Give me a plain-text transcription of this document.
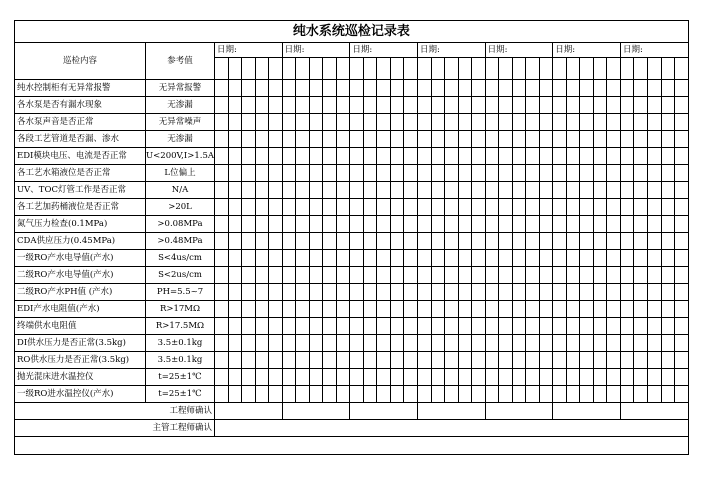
纯水系统巡检记录表																																				
巡检内容	参考值	日期:					日期:					日期:					日期:					日期:					日期:					日期:				

纯水控制柜有无异常报警	无异常报警																																			
各水泵是否有漏水现象	无渗漏																																			
各水泵声音是否正常	无异常噪声																																			
各段工艺管道是否漏、渗水	无渗漏																																			
EDI模块电压、电流是否正常	U<200V,I>1.5A																																			
各工艺水箱液位是否正常	L位偏上																																			
UV、TOC灯管工作是否正常	N/A																																			
各工艺加药桶液位是否正常	>20L																																			
氮气压力检查(0.1MPa)	>0.08MPa																																			
CDA供应压力(0.45MPa)	>0.48MPa																																			
一级RO产水电导值(产水)	S<4us/cm																																			
二级RO产水电导值(产水)	S<2us/cm																																			
二级RO产水PH值 (产水)	PH=5.5~7																																			
EDI产水电阻值(产水)	R>17MΩ																																			
终端供水电阻值	R>17.5MΩ																																			
DI供水压力是否正常(3.5kg)	3.5±0.1kg																																			
RO供水压力是否正常(3.5kg)	3.5±0.1kg																																			
抛光混床进水温控仪	t=25±1℃																																			
一级RO进水温控仪(产水)	t=25±1℃																																			
工程师确认																																				
主管工程师确认																																				
